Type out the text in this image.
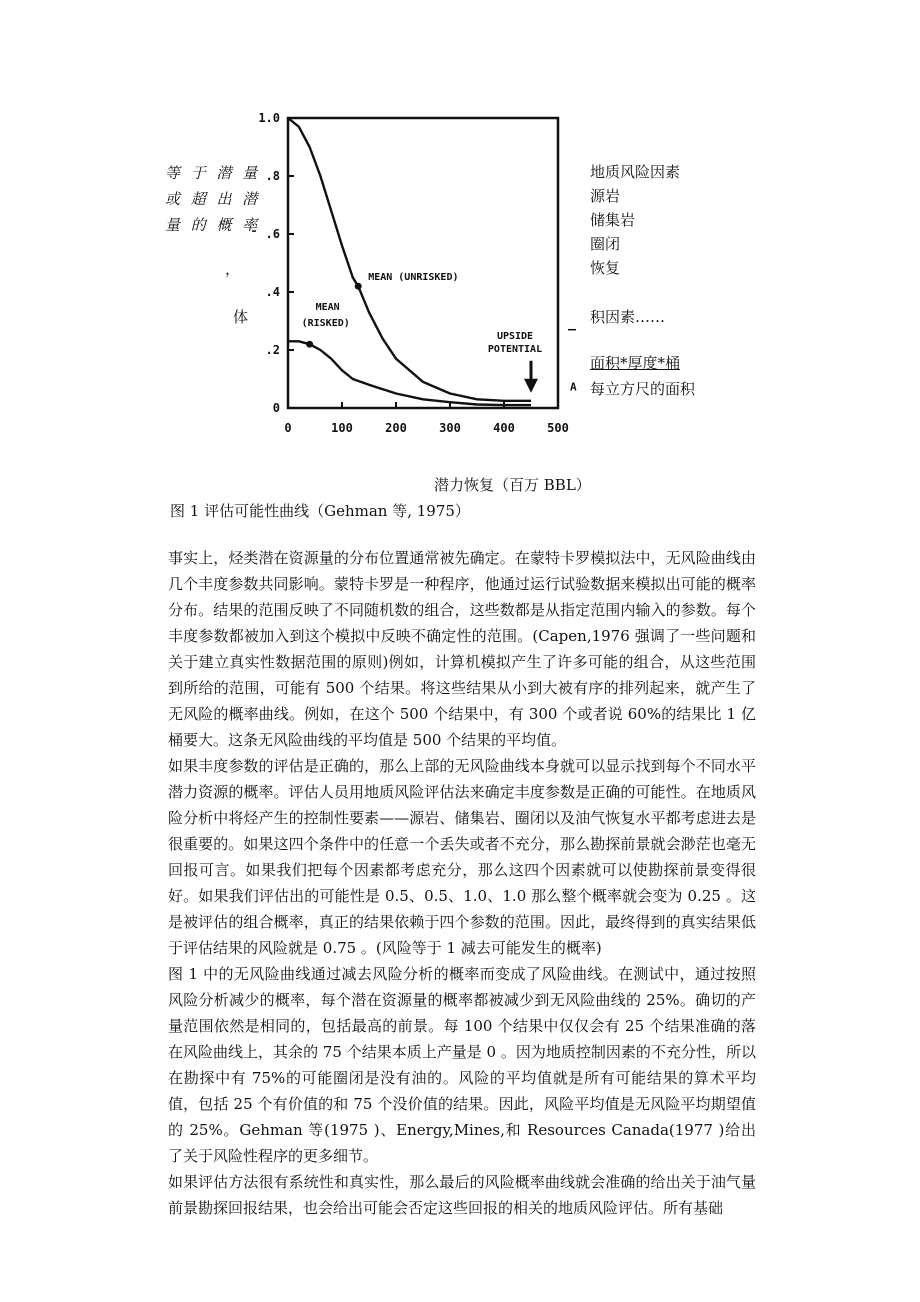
等 于 潜 量
或 超 出 潜
量 的 概 率
，
体
地质风险因素
源岩
储集岩
圈闭
恢复
积因素……
面积*厚度*桶
每立方尺的面积
0	100	200	300	400	500
0
.2
.4
.6
.8
1.0
MEAN (UNRISKED)
MEAN
(RISKED)
UPSIDE
POTENTIAL
A
潜力恢复（百万 BBL）
图 1 评估可能性曲线（Gehman 等, 1975）

事实上，烃类潜在资源量的分布位置通常被先确定。在蒙特卡罗模拟法中，无风险曲线由几个丰度参数共同影响。蒙特卡罗是一种程序，他通过运行试验数据来模拟出可能的概率分布。结果的范围反映了不同随机数的组合，这些数都是从指定范围内输入的参数。每个丰度参数都被加入到这个模拟中反映不确定性的范围。(Capen,1976 强调了一些问题和关于建立真实性数据范围的原则)例如，计算机模拟产生了许多可能的组合，从这些范围到所给的范围，可能有 500 个结果。将这些结果从小到大被有序的排列起来，就产生了无风险的概率曲线。例如，在这个 500 个结果中，有 300 个或者说 60%的结果比 1 亿桶要大。这条无风险曲线的平均值是 500 个结果的平均值。

如果丰度参数的评估是正确的，那么上部的无风险曲线本身就可以显示找到每个不同水平潜力资源的概率。评估人员用地质风险评估法来确定丰度参数是正确的可能性。在地质风险分析中将烃产生的控制性要素——源岩、储集岩、圈闭以及油气恢复水平都考虑进去是很重要的。如果这四个条件中的任意一个丢失或者不充分，那么勘探前景就会渺茫也毫无回报可言。如果我们把每个因素都考虑充分，那么这四个因素就可以使勘探前景变得很好。如果我们评估出的可能性是 0.5、0.5、1.0、1.0 那么整个概率就会变为 0.25 。这是被评估的组合概率，真正的结果依赖于四个参数的范围。因此，最终得到的真实结果低于评估结果的风险就是 0.75 。(风险等于 1 减去可能发生的概率)

图 1 中的无风险曲线通过减去风险分析的概率而变成了风险曲线。在测试中，通过按照风险分析减少的概率，每个潜在资源量的概率都被减少到无风险曲线的 25%。确切的产量范围依然是相同的，包括最高的前景。每 100 个结果中仅仅会有 25 个结果准确的落在风险曲线上，其余的 75 个结果本质上产量是 0 。因为地质控制因素的不充分性，所以在勘探中有 75%的可能圈闭是没有油的。风险的平均值就是所有可能结果的算术平均值，包括 25 个有价值的和 75 个没价值的结果。因此，风险平均值是无风险平均期望值的 25%。Gehman 等(1975 )、Energy,Mines,和 Resources Canada(1977 )给出了关于风险性程序的更多细节。

如果评估方法很有系统性和真实性，那么最后的风险概率曲线就会准确的给出关于油气量前景勘探回报结果，也会给出可能会否定这些回报的相关的地质风险评估。所有基础
